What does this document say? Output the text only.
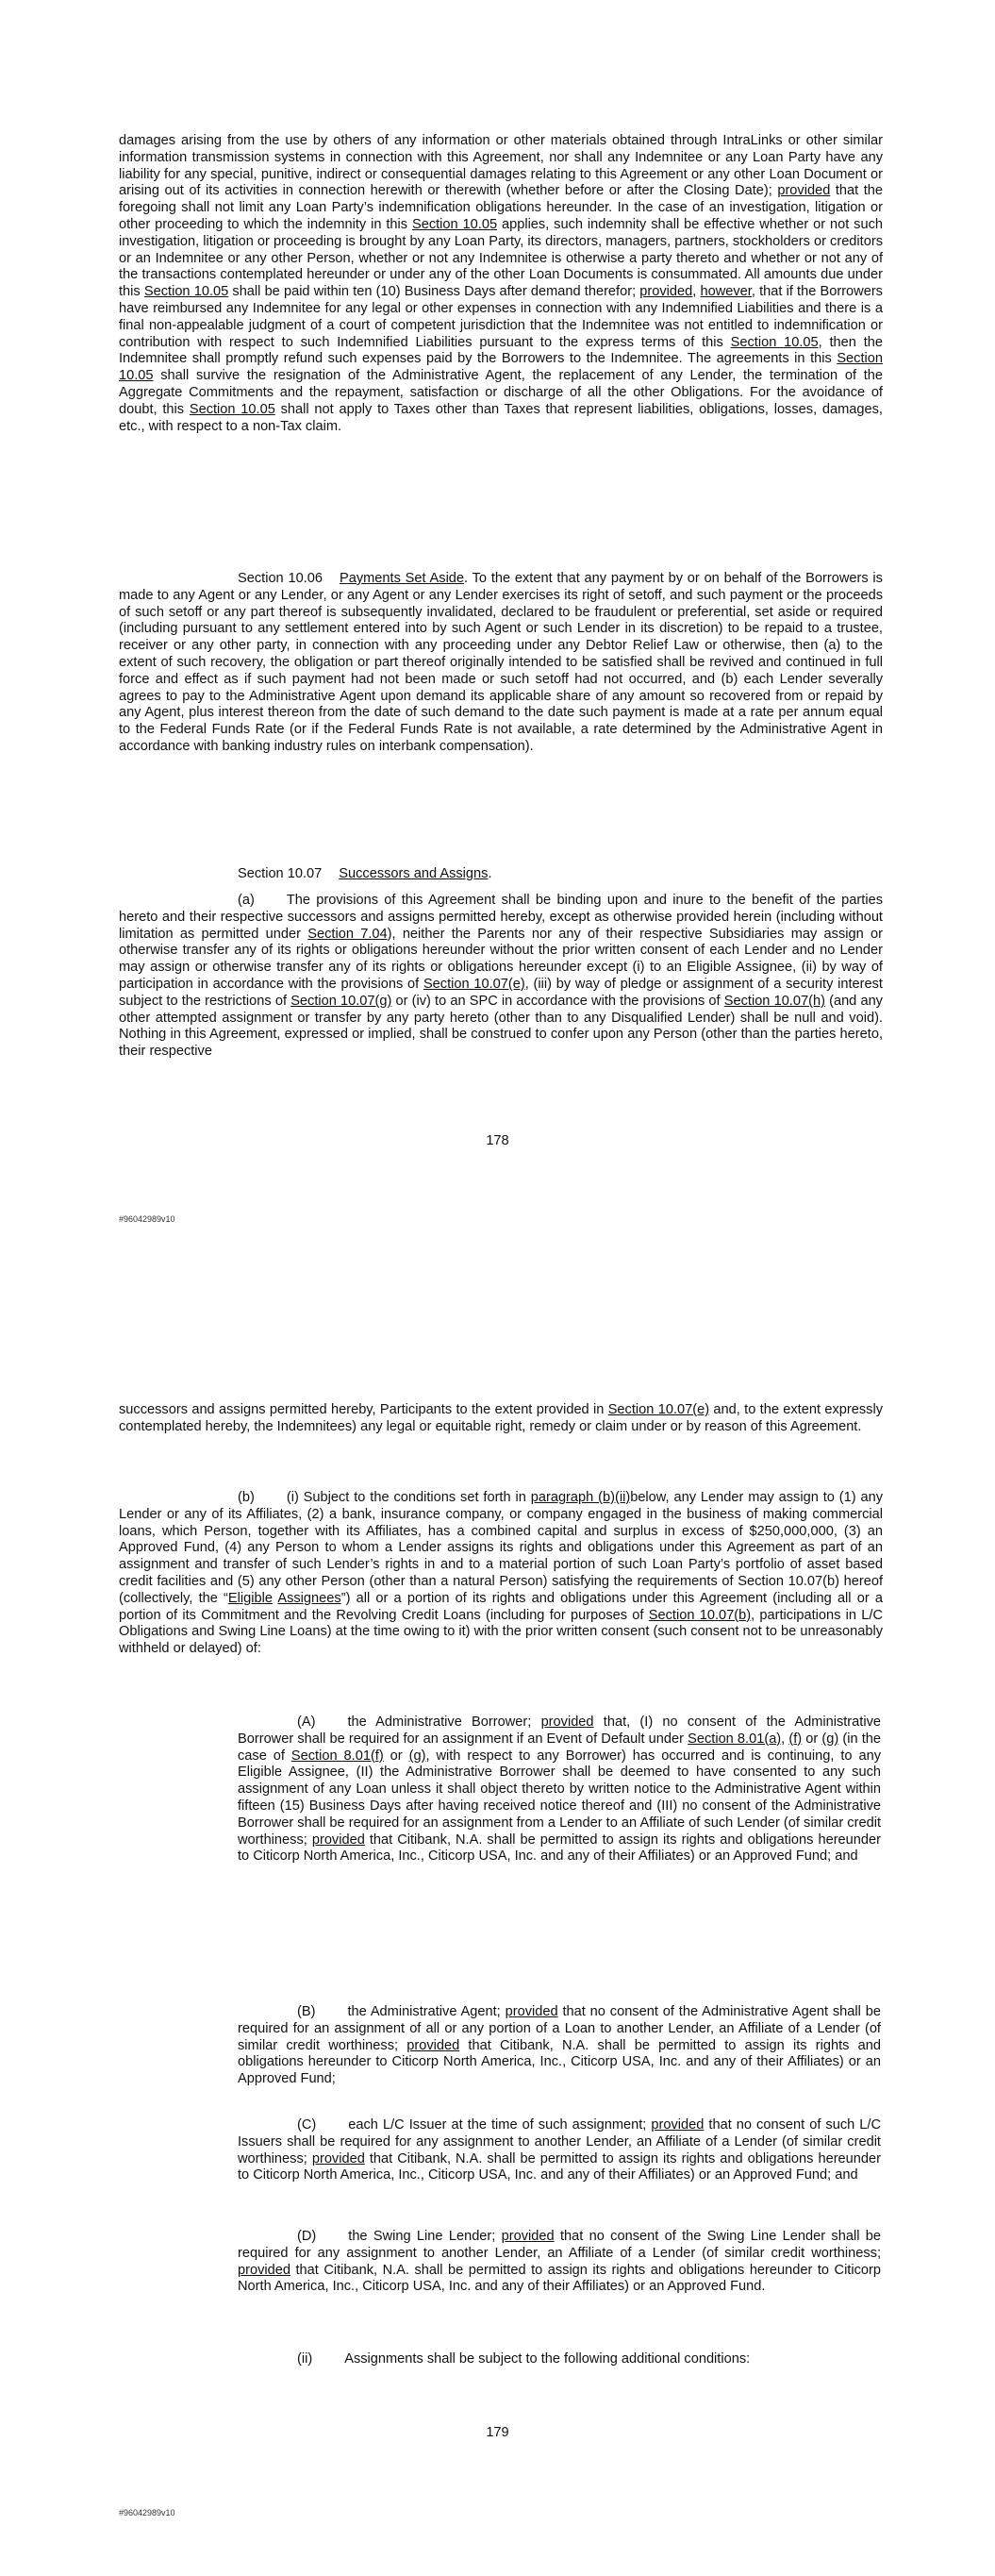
damages arising from the use by others of any information or other materials obtained through IntraLinks or other similar information transmission systems in connection with this Agreement, nor shall any Indemnitee or any Loan Party have any liability for any special, punitive, indirect or consequential damages relating to this Agreement or any other Loan Document or arising out of its activities in connection herewith or therewith (whether before or after the Closing Date); provided that the foregoing shall not limit any Loan Party’s indemnification obligations hereunder. In the case of an investigation, litigation or other proceeding to which the indemnity in this Section 10.05 applies, such indemnity shall be effective whether or not such investigation, litigation or proceeding is brought by any Loan Party, its directors, managers, partners, stockholders or creditors or an Indemnitee or any other Person, whether or not any Indemnitee is otherwise a party thereto and whether or not any of the transactions contemplated hereunder or under any of the other Loan Documents is consummated. All amounts due under this Section 10.05 shall be paid within ten (10) Business Days after demand therefor; provided, however, that if the Borrowers have reimbursed any Indemnitee for any legal or other expenses in connection with any Indemnified Liabilities and there is a final non-appealable judgment of a court of competent jurisdiction that the Indemnitee was not entitled to indemnification or contribution with respect to such Indemnified Liabilities pursuant to the express terms of this Section 10.05, then the Indemnitee shall promptly refund such expenses paid by the Borrowers to the Indemnitee. The agreements in this Section 10.05 shall survive the resignation of the Administrative Agent, the replacement of any Lender, the termination of the Aggregate Commitments and the repayment, satisfaction or discharge of all the other Obligations. For the avoidance of doubt, this Section 10.05 shall not apply to Taxes other than Taxes that represent liabilities, obligations, losses, damages, etc., with respect to a non-Tax claim.

Section 10.06 Payments Set Aside. To the extent that any payment by or on behalf of the Borrowers is made to any Agent or any Lender, or any Agent or any Lender exercises its right of setoff, and such payment or the proceeds of such setoff or any part thereof is subsequently invalidated, declared to be fraudulent or preferential, set aside or required (including pursuant to any settlement entered into by such Agent or such Lender in its discretion) to be repaid to a trustee, receiver or any other party, in connection with any proceeding under any Debtor Relief Law or otherwise, then (a) to the extent of such recovery, the obligation or part thereof originally intended to be satisfied shall be revived and continued in full force and effect as if such payment had not been made or such setoff had not occurred, and (b) each Lender severally agrees to pay to the Administrative Agent upon demand its applicable share of any amount so recovered from or repaid by any Agent, plus interest thereon from the date of such demand to the date such payment is made at a rate per annum equal to the Federal Funds Rate (or if the Federal Funds Rate is not available, a rate determined by the Administrative Agent in accordance with banking industry rules on interbank compensation).

Section 10.07 Successors and Assigns.

(a) The provisions of this Agreement shall be binding upon and inure to the benefit of the parties hereto and their respective successors and assigns permitted hereby, except as otherwise provided herein (including without limitation as permitted under Section 7.04), neither the Parents nor any of their respective Subsidiaries may assign or otherwise transfer any of its rights or obligations hereunder without the prior written consent of each Lender and no Lender may assign or otherwise transfer any of its rights or obligations hereunder except (i) to an Eligible Assignee, (ii) by way of participation in accordance with the provisions of Section 10.07(e), (iii) by way of pledge or assignment of a security interest subject to the restrictions of Section 10.07(g) or (iv) to an SPC in accordance with the provisions of Section 10.07(h) (and any other attempted assignment or transfer by any party hereto (other than to any Disqualified Lender) shall be null and void). Nothing in this Agreement, expressed or implied, shall be construed to confer upon any Person (other than the parties hereto, their respective

178
#96042989v10

successors and assigns permitted hereby, Participants to the extent provided in Section 10.07(e) and, to the extent expressly contemplated hereby, the Indemnitees) any legal or equitable right, remedy or claim under or by reason of this Agreement.

(b) (i) Subject to the conditions set forth in paragraph (b)(ii)below, any Lender may assign to (1) any Lender or any of its Affiliates, (2) a bank, insurance company, or company engaged in the business of making commercial loans, which Person, together with its Affiliates, has a combined capital and surplus in excess of $250,000,000, (3) an Approved Fund, (4) any Person to whom a Lender assigns its rights and obligations under this Agreement as part of an assignment and transfer of such Lender’s rights in and to a material portion of such Loan Party’s portfolio of asset based credit facilities and (5) any other Person (other than a natural Person) satisfying the requirements of Section 10.07(b) hereof (collectively, the “Eligible Assignees”) all or a portion of its rights and obligations under this Agreement (including all or a portion of its Commitment and the Revolving Credit Loans (including for purposes of Section 10.07(b), participations in L/C Obligations and Swing Line Loans) at the time owing to it) with the prior written consent (such consent not to be unreasonably withheld or delayed) of:

(A) the Administrative Borrower; provided that, (I) no consent of the Administrative Borrower shall be required for an assignment if an Event of Default under Section 8.01(a), (f) or (g) (in the case of Section 8.01(f) or (g), with respect to any Borrower) has occurred and is continuing, to any Eligible Assignee, (II) the Administrative Borrower shall be deemed to have consented to any such assignment of any Loan unless it shall object thereto by written notice to the Administrative Agent within fifteen (15) Business Days after having received notice thereof and (III) no consent of the Administrative Borrower shall be required for an assignment from a Lender to an Affiliate of such Lender (of similar credit worthiness; provided that Citibank, N.A. shall be permitted to assign its rights and obligations hereunder to Citicorp North America, Inc., Citicorp USA, Inc. and any of their Affiliates) or an Approved Fund; and

(B) the Administrative Agent; provided that no consent of the Administrative Agent shall be required for an assignment of all or any portion of a Loan to another Lender, an Affiliate of a Lender (of similar credit worthiness; provided that Citibank, N.A. shall be permitted to assign its rights and obligations hereunder to Citicorp North America, Inc., Citicorp USA, Inc. and any of their Affiliates) or an Approved Fund;

(C) each L/C Issuer at the time of such assignment; provided that no consent of such L/C Issuers shall be required for any assignment to another Lender, an Affiliate of a Lender (of similar credit worthiness; provided that Citibank, N.A. shall be permitted to assign its rights and obligations hereunder to Citicorp North America, Inc., Citicorp USA, Inc. and any of their Affiliates) or an Approved Fund; and

(D) the Swing Line Lender; provided that no consent of the Swing Line Lender shall be required for any assignment to another Lender, an Affiliate of a Lender (of similar credit worthiness; provided that Citibank, N.A. shall be permitted to assign its rights and obligations hereunder to Citicorp North America, Inc., Citicorp USA, Inc. and any of their Affiliates) or an Approved Fund.

(ii) Assignments shall be subject to the following additional conditions:

179
#96042989v10
